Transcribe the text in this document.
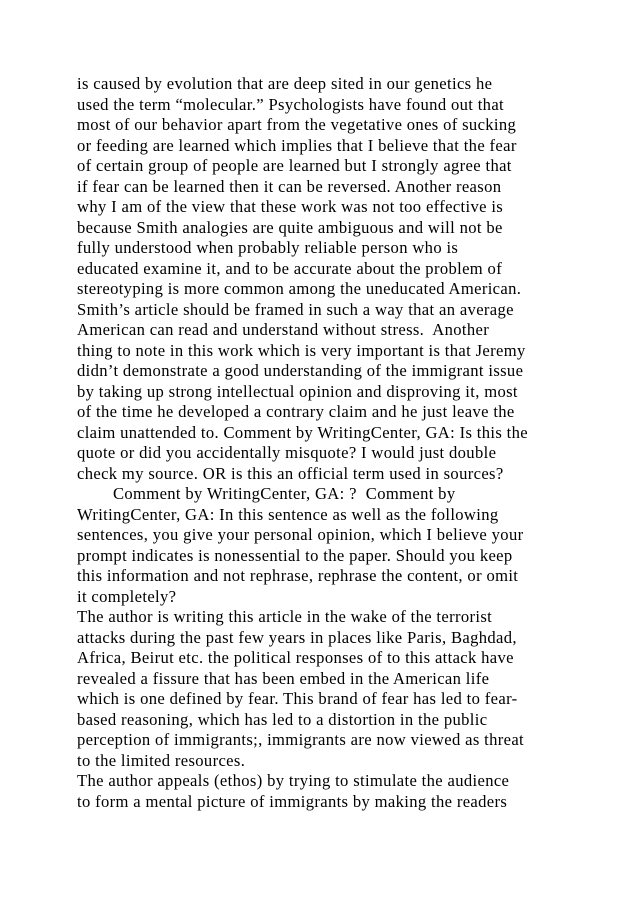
is caused by evolution that are deep sited in our genetics he
used the term “molecular.” Psychologists have found out that
most of our behavior apart from the vegetative ones of sucking
or feeding are learned which implies that I believe that the fear
of certain group of people are learned but I strongly agree that
if fear can be learned then it can be reversed. Another reason
why I am of the view that these work was not too effective is
because Smith analogies are quite ambiguous and will not be
fully understood when probably reliable person who is
educated examine it, and to be accurate about the problem of
stereotyping is more common among the uneducated American.
Smith’s article should be framed in such a way that an average
American can read and understand without stress.  Another
thing to note in this work which is very important is that Jeremy
didn’t demonstrate a good understanding of the immigrant issue
by taking up strong intellectual opinion and disproving it, most
of the time he developed a contrary claim and he just leave the
claim unattended to. Comment by WritingCenter, GA: Is this the
quote or did you accidentally misquote? I would just double
check my source. OR is this an official term used in sources?
Comment by WritingCenter, GA: ?  Comment by
WritingCenter, GA: In this sentence as well as the following
sentences, you give your personal opinion, which I believe your
prompt indicates is nonessential to the paper. Should you keep
this information and not rephrase, rephrase the content, or omit
it completely?
The author is writing this article in the wake of the terrorist
attacks during the past few years in places like Paris, Baghdad,
Africa, Beirut etc. the political responses of to this attack have
revealed a fissure that has been embed in the American life
which is one defined by fear. This brand of fear has led to fear-
based reasoning, which has led to a distortion in the public
perception of immigrants;, immigrants are now viewed as threat
to the limited resources.
The author appeals (ethos) by trying to stimulate the audience
to form a mental picture of immigrants by making the readers
